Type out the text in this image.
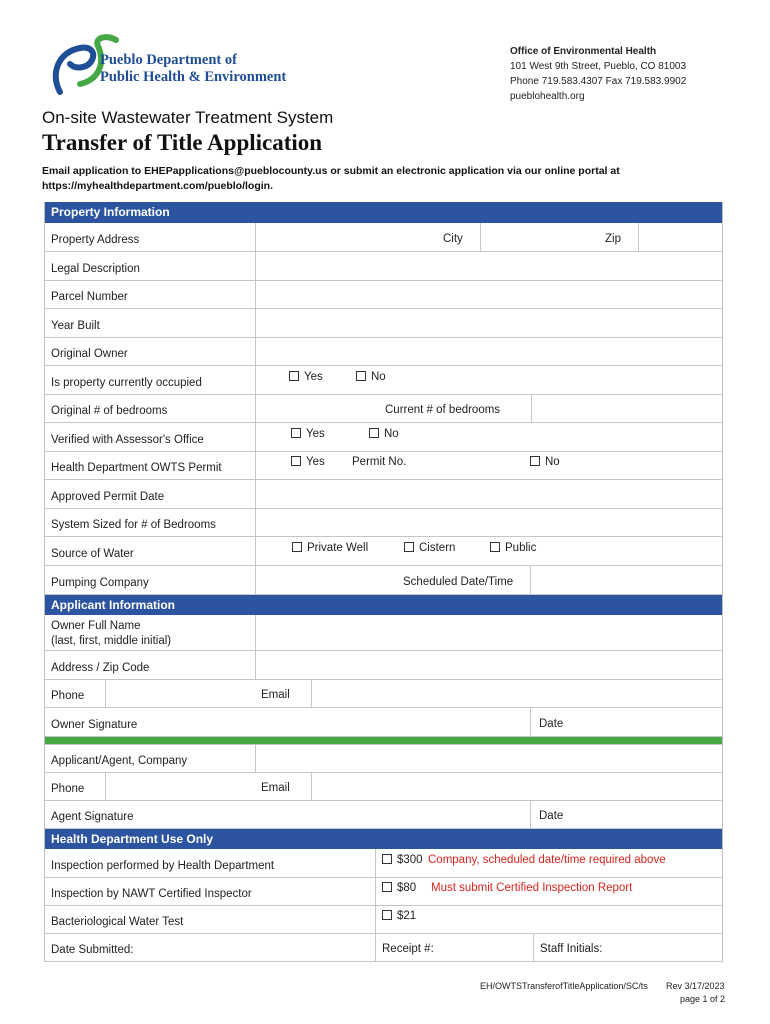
Pueblo Department of
Public Health & Environment
Office of Environmental Health
101 West 9th Street, Pueblo, CO 81003
Phone 719.583.4307 Fax 719.583.9902
pueblohealth.org
On-site Wastewater Treatment System
Transfer of Title Application
Email application to EHEPapplications@pueblocounty.us or submit an electronic application via our online portal at https://myhealthdepartment.com/pueblo/login.
Property Information
Property Address	City	Zip
Legal Description
Parcel Number
Year Built
Original Owner
Is property currently occupied	Yes	No
Original # of bedrooms	Current # of bedrooms
Verified with Assessor's Office	Yes	No
Health Department OWTS Permit	Yes Permit No.	No
Approved Permit Date
System Sized for # of Bedrooms
Source of Water	Private Well	Cistern	Public
Pumping Company	Scheduled Date/Time
Applicant Information
Owner Full Name
(last, first, middle initial)
Address / Zip Code
Phone	Email
Owner Signature	Date
Applicant/Agent, Company
Phone	Email
Agent Signature	Date
Health Department Use Only
Inspection performed by Health Department	$300 Company, scheduled date/time required above
Inspection by NAWT Certified Inspector	$80 Must submit Certified Inspection Report
Bacteriological Water Test	$21
Date Submitted:	Receipt #:	Staff Initials:
EH/OWTSTransferofTitleApplication/SC/ts Rev 3/17/2023
page 1 of 2
